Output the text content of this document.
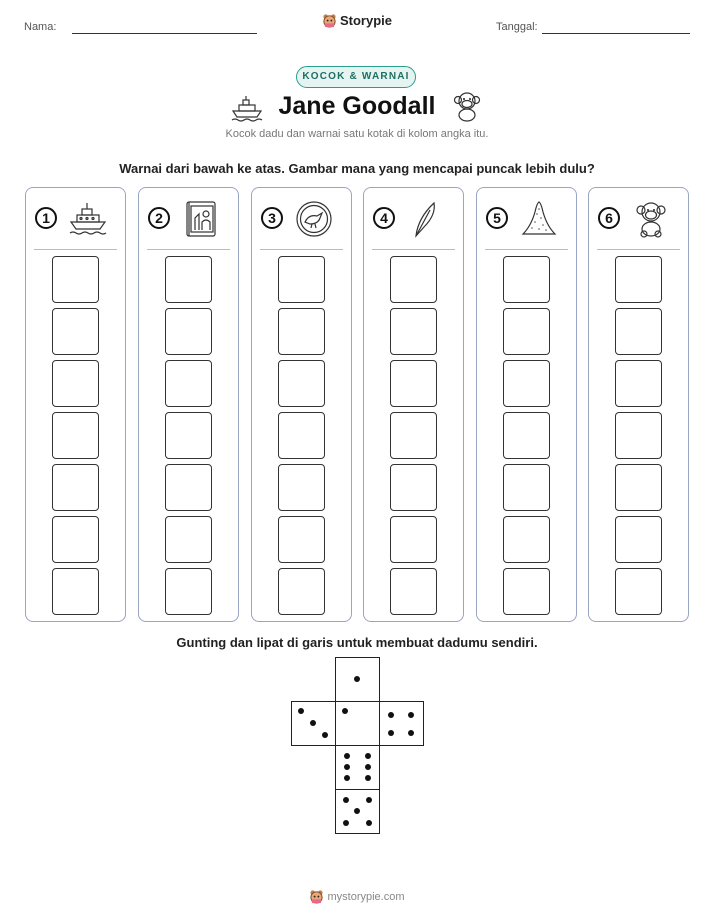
Nama:	Storypie	Tanggal:
KOCOK & WARNAI
Jane Goodall
Kocok dadu dan warnai satu kotak di kolom angka itu.
Warnai dari bawah ke atas. Gambar mana yang mencapai puncak lebih dulu?
1	2	3	4	5	6
Gunting dan lipat di garis untuk membuat dadumu sendiri.
mystorypie.com
